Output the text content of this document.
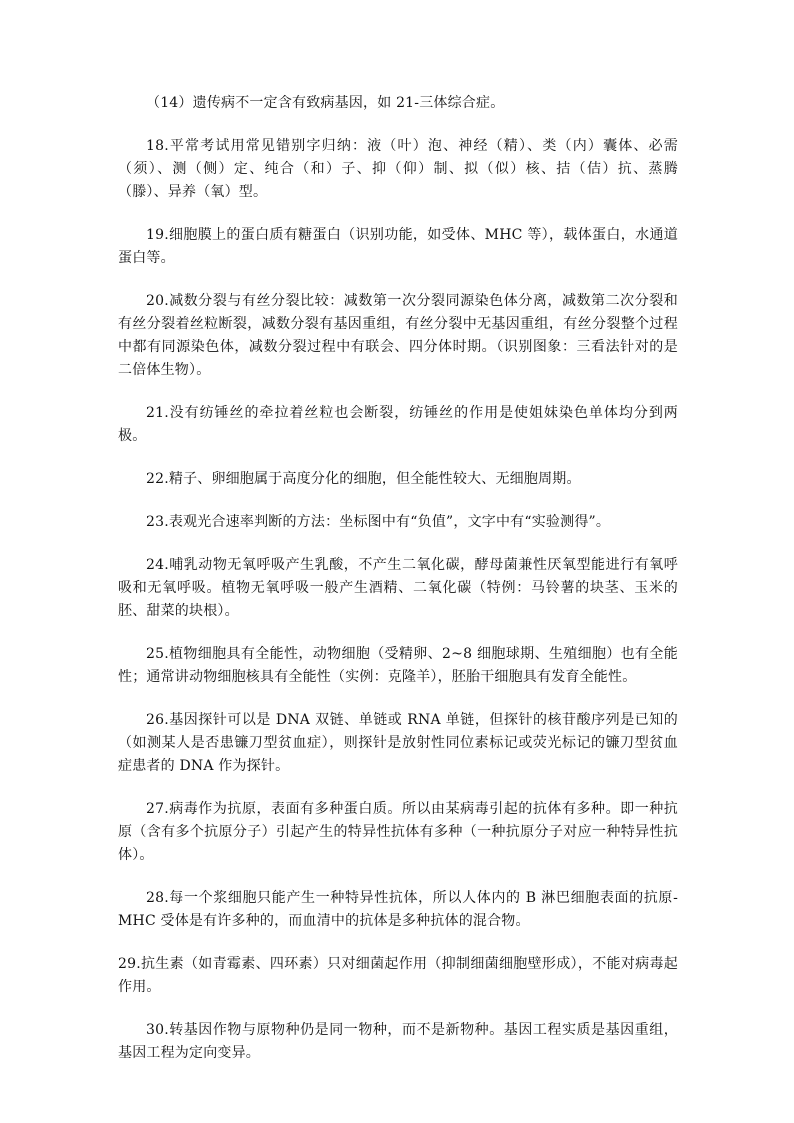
（14）遗传病不一定含有致病基因，如 21-三体综合症。

18.平常考试用常见错别字归纳：液（叶）泡、神经（精）、类（内）囊体、必需（须）、测（侧）定、纯合（和）子、抑（仰）制、拟（似）核、拮（佶）抗、蒸腾（滕）、异养（氧）型。

19.细胞膜上的蛋白质有糖蛋白（识别功能，如受体、MHC 等），载体蛋白，水通道蛋白等。

20.减数分裂与有丝分裂比较：减数第一次分裂同源染色体分离，减数第二次分裂和有丝分裂着丝粒断裂，减数分裂有基因重组，有丝分裂中无基因重组，有丝分裂整个过程中都有同源染色体，减数分裂过程中有联会、四分体时期。（识别图象：三看法针对的是二倍体生物）。

21.没有纺锤丝的牵拉着丝粒也会断裂，纺锤丝的作用是使姐妹染色单体均分到两极。

22.精子、卵细胞属于高度分化的细胞，但全能性较大、无细胞周期。

23.表观光合速率判断的方法：坐标图中有“负值”，文字中有“实验测得”。

24.哺乳动物无氧呼吸产生乳酸，不产生二氧化碳，酵母菌兼性厌氧型能进行有氧呼吸和无氧呼吸。植物无氧呼吸一般产生酒精、二氧化碳（特例：马铃薯的块茎、玉米的胚、甜菜的块根）。

25.植物细胞具有全能性，动物细胞（受精卵、2~8 细胞球期、生殖细胞）也有全能性；通常讲动物细胞核具有全能性（实例：克隆羊），胚胎干细胞具有发育全能性。

26.基因探针可以是 DNA 双链、单链或 RNA 单链，但探针的核苷酸序列是已知的（如测某人是否患镰刀型贫血症），则探针是放射性同位素标记或荧光标记的镰刀型贫血症患者的 DNA 作为探针。

27.病毒作为抗原，表面有多种蛋白质。所以由某病毒引起的抗体有多种。即一种抗原（含有多个抗原分子）引起产生的特异性抗体有多种（一种抗原分子对应一种特异性抗体）。

28.每一个浆细胞只能产生一种特异性抗体，所以人体内的 B 淋巴细胞表面的抗原-MHC 受体是有许多种的，而血清中的抗体是多种抗体的混合物。

29.抗生素（如青霉素、四环素）只对细菌起作用（抑制细菌细胞壁形成），不能对病毒起作用。

30.转基因作物与原物种仍是同一物种，而不是新物种。基因工程实质是基因重组，基因工程为定向变异。
